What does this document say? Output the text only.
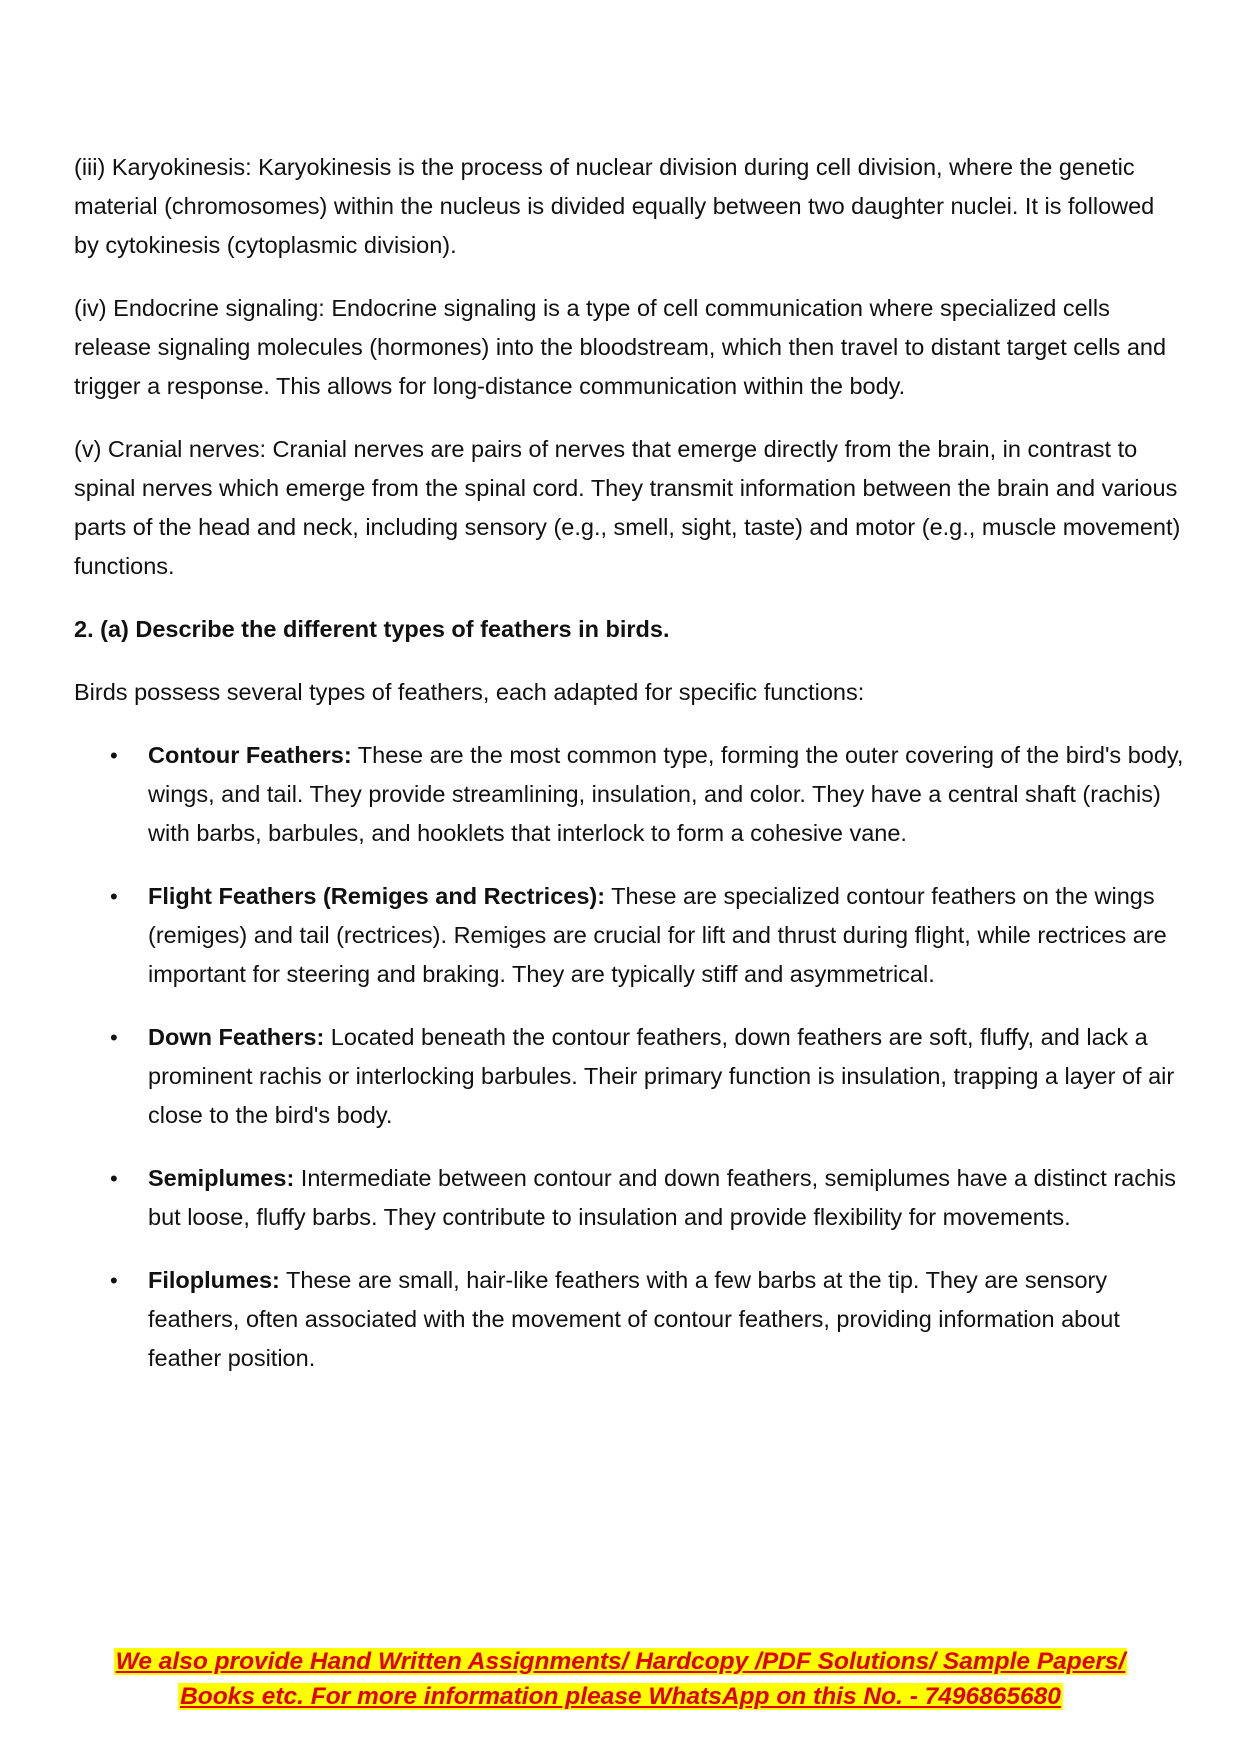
(iii) Karyokinesis: Karyokinesis is the process of nuclear division during cell division, where the genetic material (chromosomes) within the nucleus is divided equally between two daughter nuclei. It is followed by cytokinesis (cytoplasmic division).

(iv) Endocrine signaling: Endocrine signaling is a type of cell communication where specialized cells release signaling molecules (hormones) into the bloodstream, which then travel to distant target cells and trigger a response. This allows for long-distance communication within the body.

(v) Cranial nerves: Cranial nerves are pairs of nerves that emerge directly from the brain, in contrast to spinal nerves which emerge from the spinal cord. They transmit information between the brain and various parts of the head and neck, including sensory (e.g., smell, sight, taste) and motor (e.g., muscle movement) functions.

2. (a) Describe the different types of feathers in birds.

Birds possess several types of feathers, each adapted for specific functions:

• Contour Feathers: These are the most common type, forming the outer covering of the bird's body, wings, and tail. They provide streamlining, insulation, and color. They have a central shaft (rachis) with barbs, barbules, and hooklets that interlock to form a cohesive vane.
• Flight Feathers (Remiges and Rectrices): These are specialized contour feathers on the wings (remiges) and tail (rectrices). Remiges are crucial for lift and thrust during flight, while rectrices are important for steering and braking. They are typically stiff and asymmetrical.
• Down Feathers: Located beneath the contour feathers, down feathers are soft, fluffy, and lack a prominent rachis or interlocking barbules. Their primary function is insulation, trapping a layer of air close to the bird's body.
• Semiplumes: Intermediate between contour and down feathers, semiplumes have a distinct rachis but loose, fluffy barbs. They contribute to insulation and provide flexibility for movements.
• Filoplumes: These are small, hair-like feathers with a few barbs at the tip. They are sensory feathers, often associated with the movement of contour feathers, providing information about feather position.
We also provide Hand Written Assignments/ Hardcopy /PDF Solutions/ Sample Papers/
Books etc. For more information please WhatsApp on this No. - 7496865680
